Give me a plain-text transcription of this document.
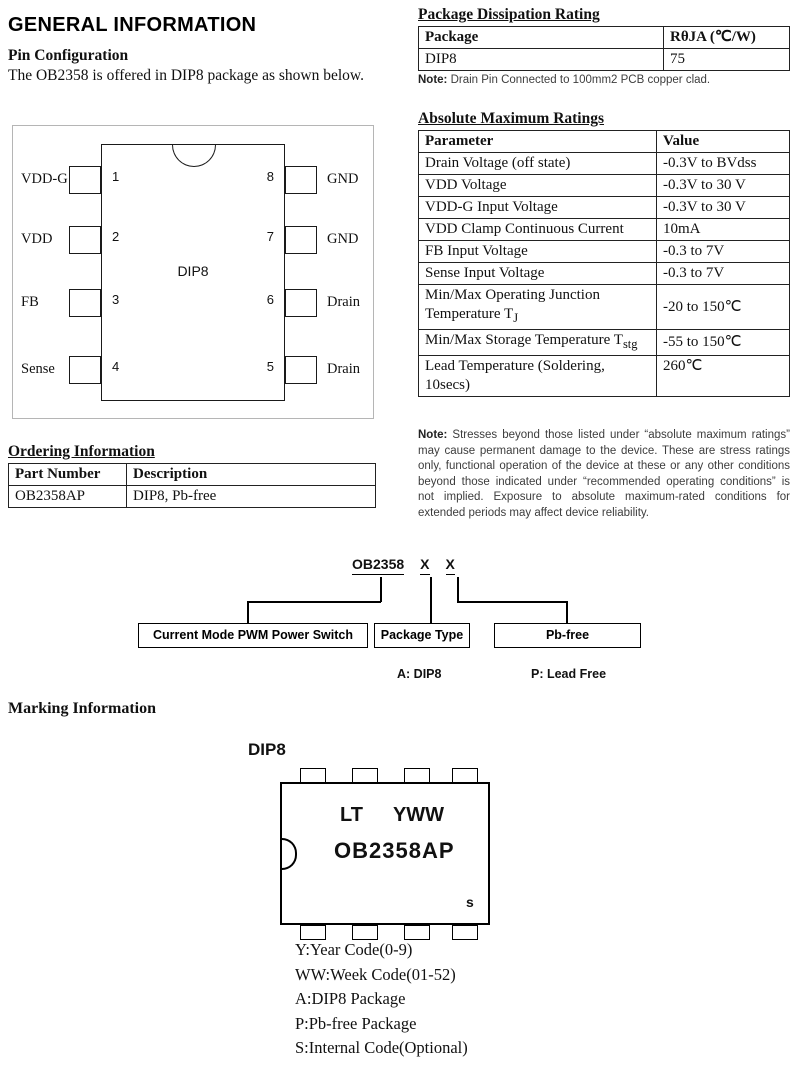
GENERAL INFORMATION
Pin Configuration
The OB2358 is offered in DIP8 package as shown below.
VDD-G
VDD
FB
Sense
GND
GND
Drain
Drain
1
2
3
4
8
7
6
5
DIP8
Ordering Information
Part Number	Description
OB2358AP	DIP8, Pb-free
Package Dissipation Rating
Package	RθJA (℃/W)
DIP8	75

Note: Drain Pin Connected to 100mm2 PCB copper clad.

Absolute Maximum Ratings
Parameter	Value
Drain Voltage (off state)	-0.3V to BVdss
VDD Voltage	-0.3V to 30 V
VDD-G Input Voltage	-0.3V to 30 V
VDD Clamp Continuous Current	10mA
FB Input Voltage	-0.3 to 7V
Sense Input Voltage	-0.3 to 7V
Min/Max Operating Junction Temperature $T_J$	-20 to 150℃
Min/Max Storage Temperature $T_{stg}$	-55 to 150℃
Lead Temperature (Soldering, 10secs)	260℃

Note: Stresses beyond those listed under “absolute maximum ratings” may cause permanent damage to the device. These are stress ratings only, functional operation of the device at these or any other conditions beyond those indicated under “recommended operating conditions” is not implied. Exposure to absolute maximum-rated conditions for extended periods may affect device reliability.

OB2358 X X
Current Mode PWM Power Switch	Package Type	Pb-free
A: DIP8	P: Lead Free
Marking Information
DIP8
LT YWW
OB2358AP
s
Y:Year Code(0-9)
WW:Week Code(01-52)
A:DIP8 Package
P:Pb-free Package
S:Internal Code(Optional)
